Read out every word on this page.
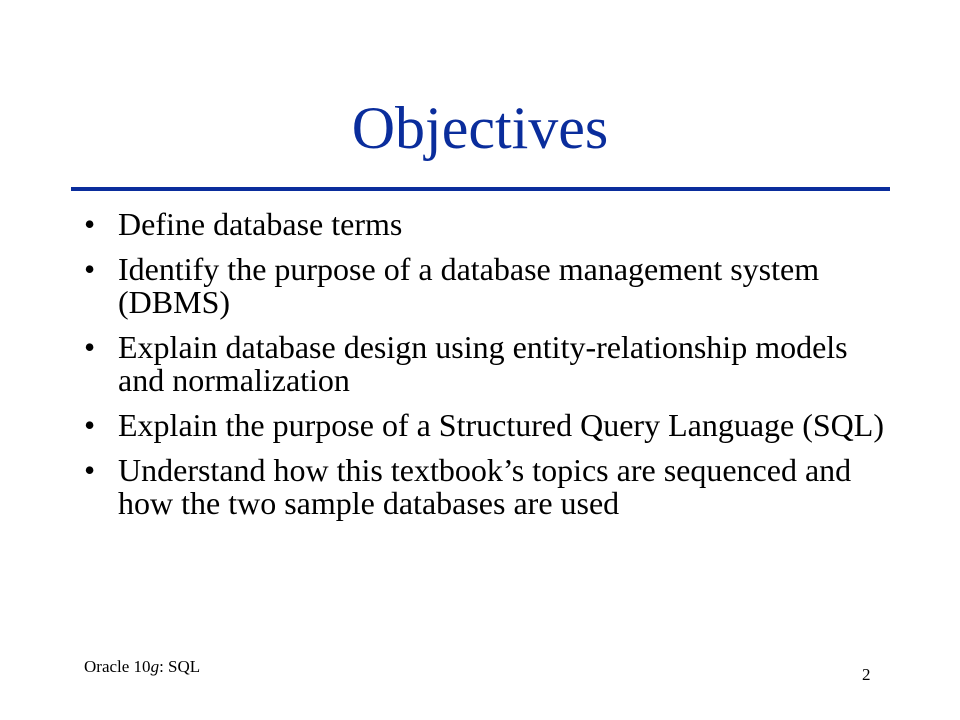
Objectives
• Define database terms
• Identify the purpose of a database management system (DBMS)
• Explain database design using entity-relationship models and normalization
• Explain the purpose of a Structured Query Language (SQL)
• Understand how this textbook’s topics are sequenced and how the two sample databases are used
Oracle 10g: SQL	2
